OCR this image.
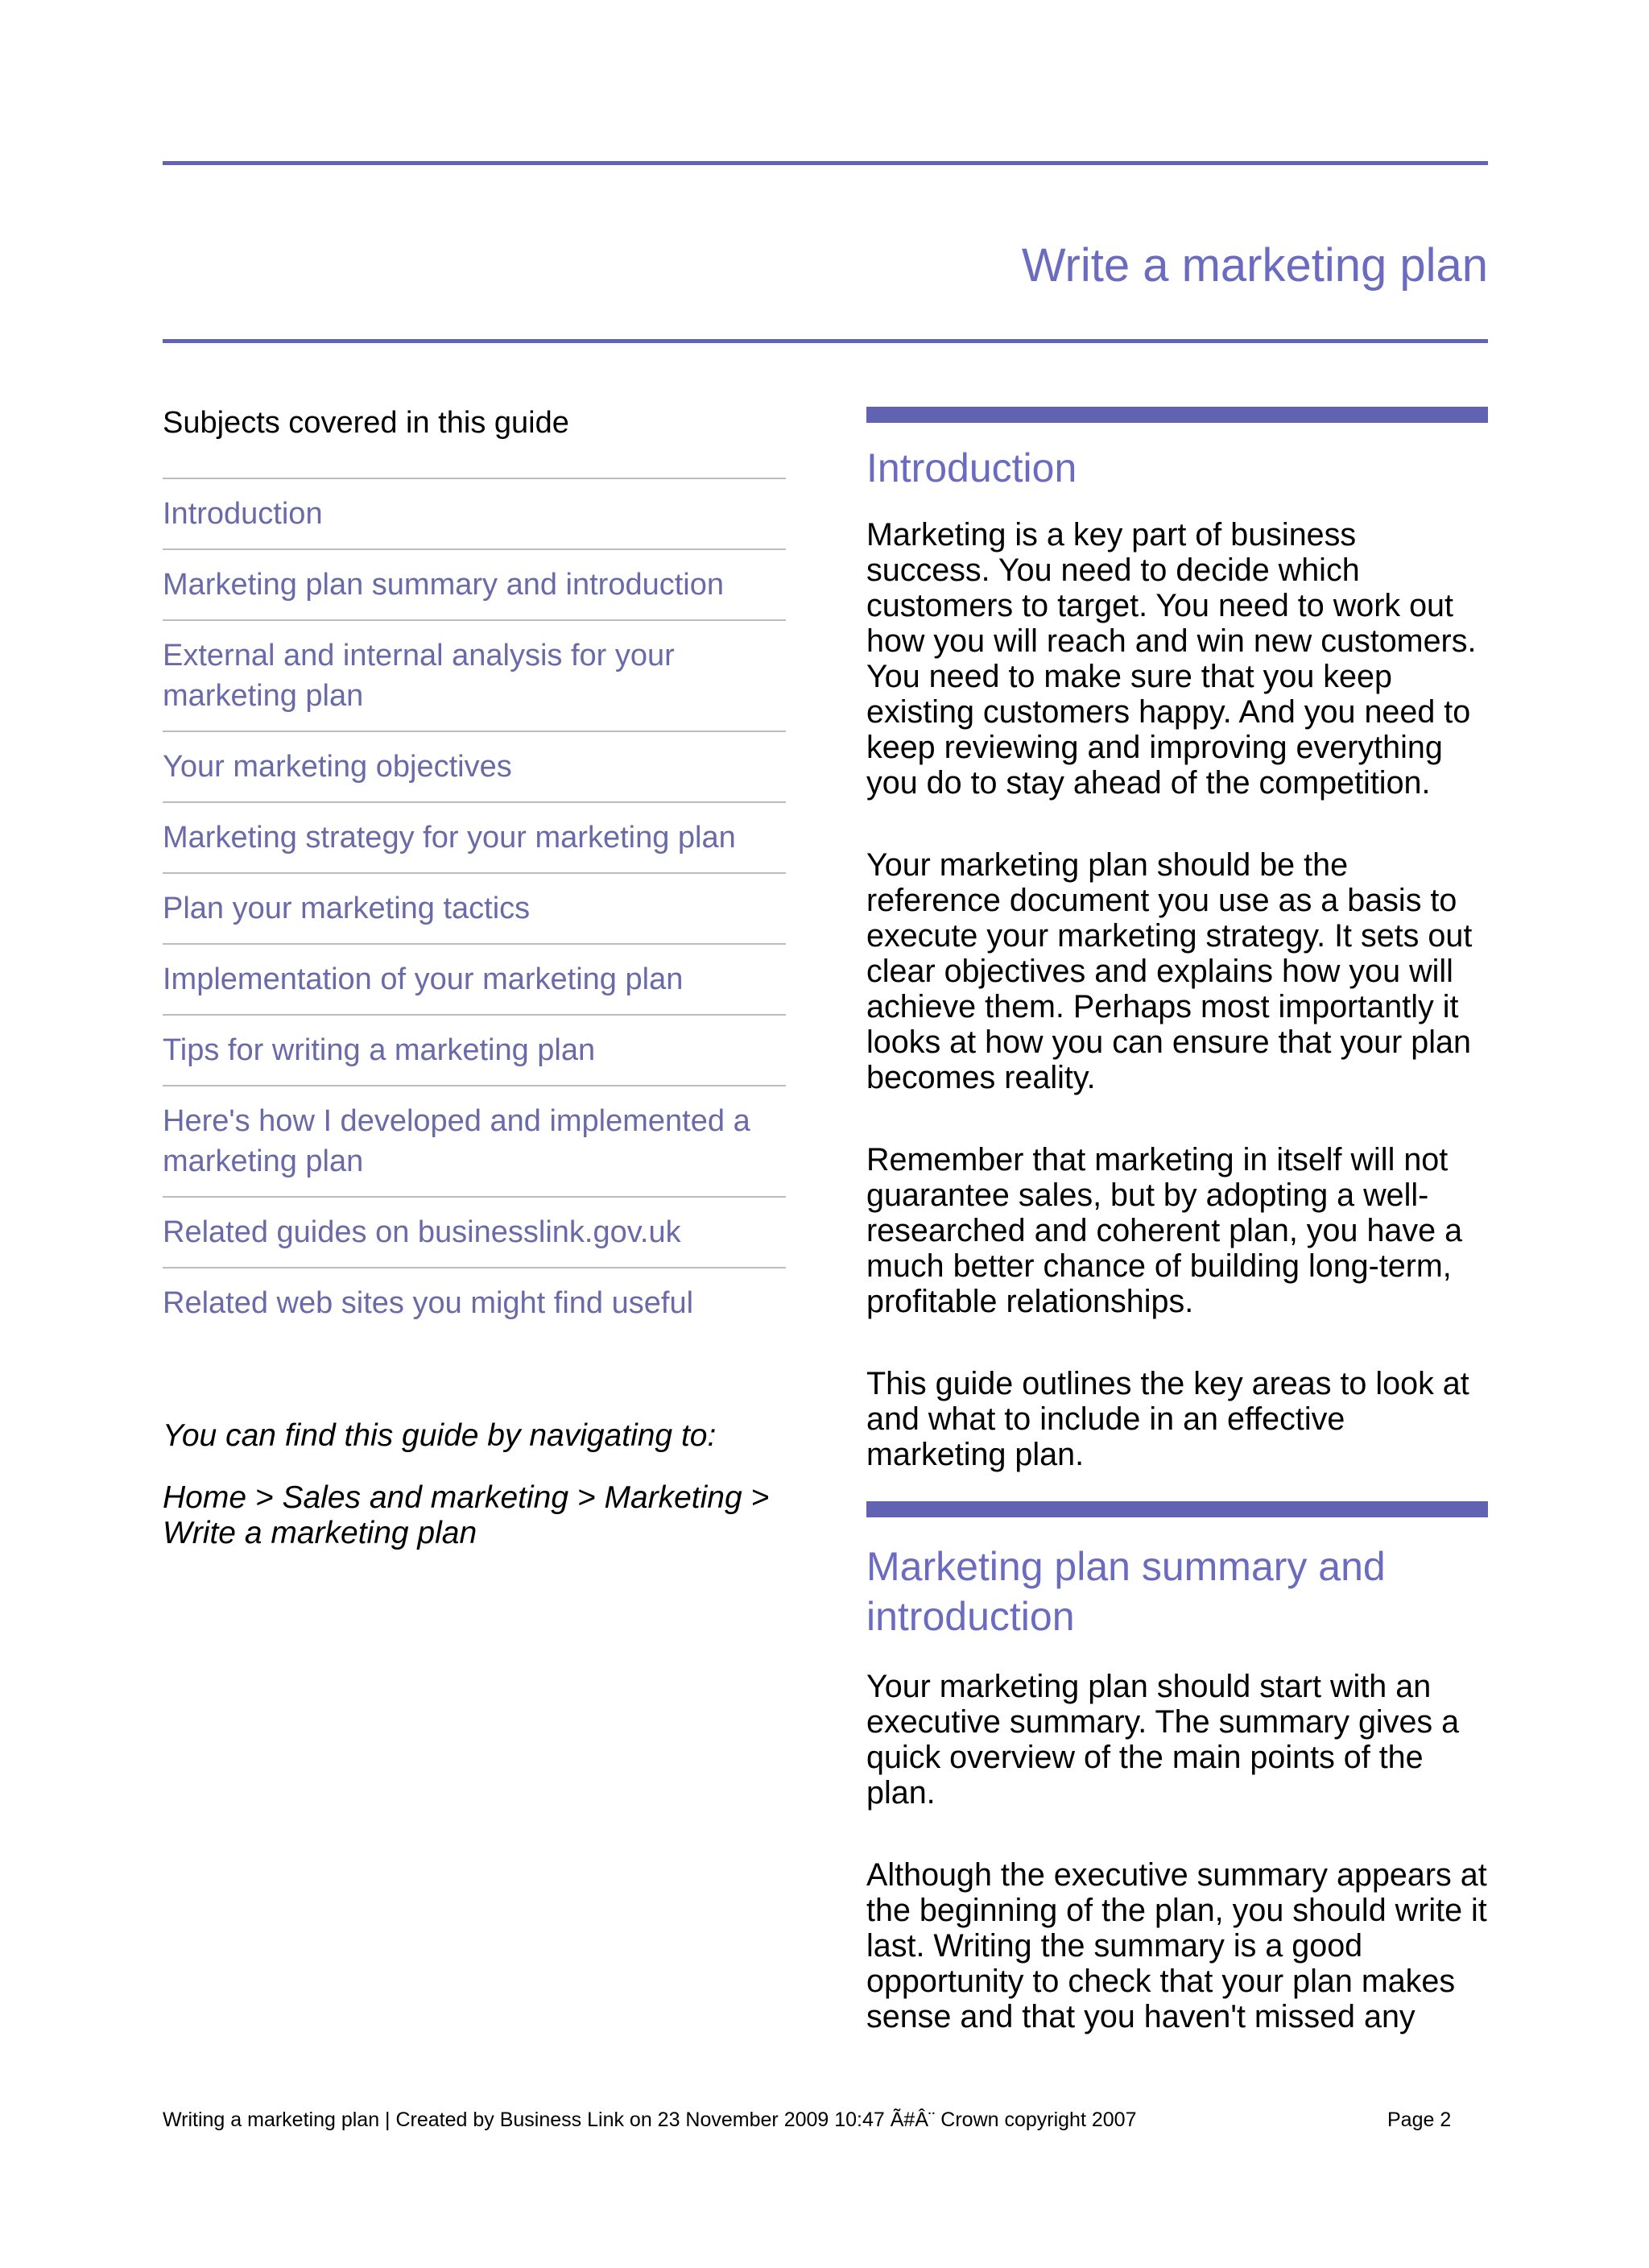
Write a marketing plan
Subjects covered in this guide
Introduction
Marketing plan summary and introduction
External and internal analysis for your marketing plan
Your marketing objectives
Marketing strategy for your marketing plan
Plan your marketing tactics
Implementation of your marketing plan
Tips for writing a marketing plan
Here's how I developed and implemented a marketing plan
Related guides on businesslink.gov.uk
Related web sites you might find useful

You can find this guide by navigating to:

Home > Sales and marketing > Marketing > Write a marketing plan

Introduction

Marketing is a key part of business success. You need to decide which customers to target. You need to work out how you will reach and win new customers. You need to make sure that you keep existing customers happy. And you need to keep reviewing and improving everything you do to stay ahead of the competition.

Your marketing plan should be the reference document you use as a basis to execute your marketing strategy. It sets out clear objectives and explains how you will achieve them. Perhaps most importantly it looks at how you can ensure that your plan becomes reality.

Remember that marketing in itself will not guarantee sales, but by adopting a well-researched and coherent plan, you have a much better chance of building long-term, profitable relationships.

This guide outlines the key areas to look at and what to include in an effective marketing plan.

Marketing plan summary and introduction

Your marketing plan should start with an executive summary. The summary gives a quick overview of the main points of the plan.

Although the executive summary appears at the beginning of the plan, you should write it last. Writing the summary is a good opportunity to check that your plan makes sense and that you haven't missed any

Writing a marketing plan | Created by Business Link on 23 November 2009 10:47 Ã#Â¨ Crown copyright 2007	Page 2
